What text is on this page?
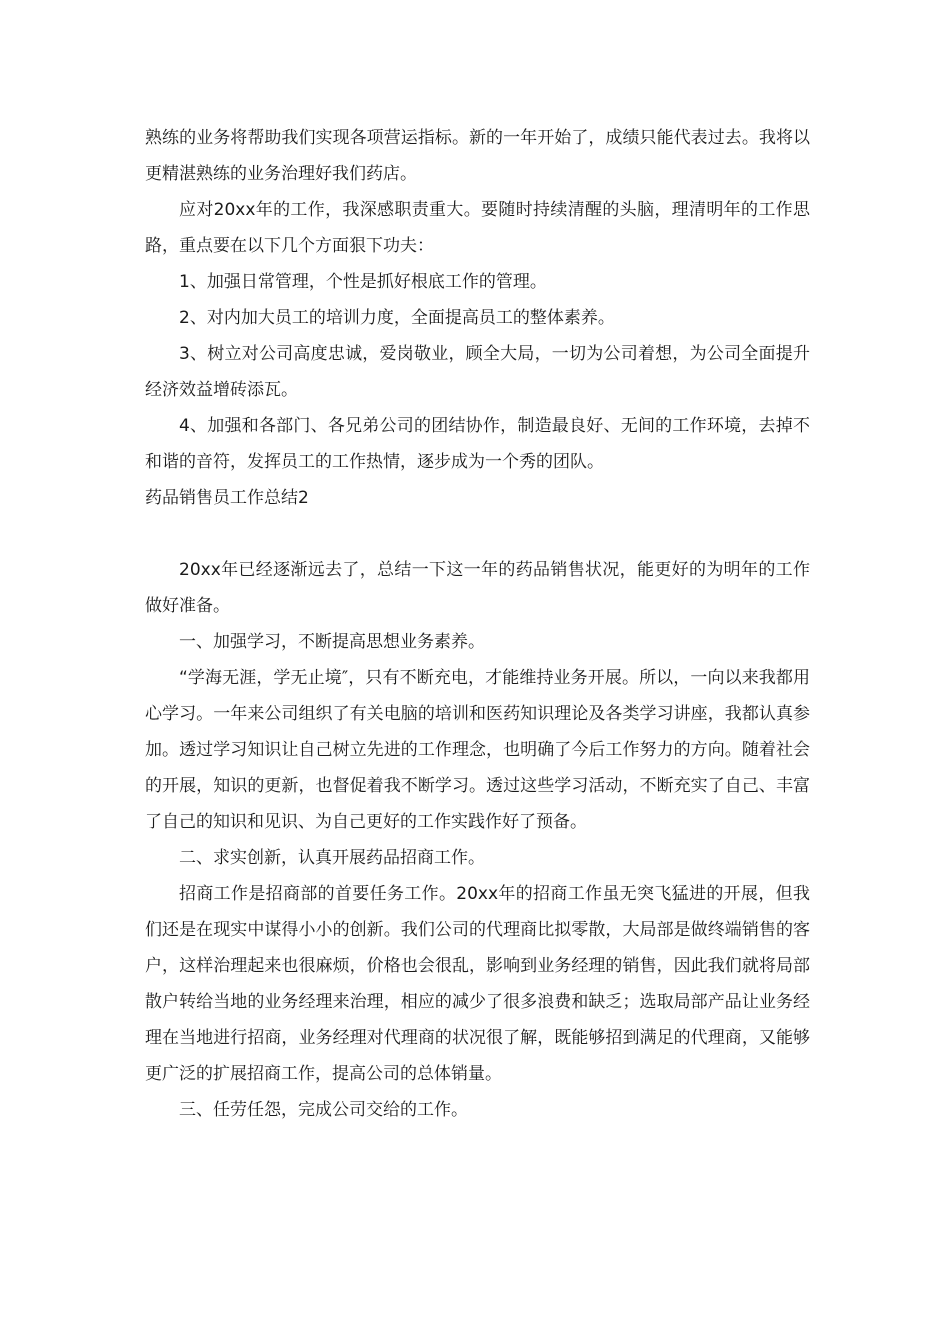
熟练的业务将帮助我们实现各项营运指标。新的一年开始了，成绩只能代表过去。我将以更精湛熟练的业务治理好我们药店。

应对20xx年的工作，我深感职责重大。要随时持续清醒的头脑，理清明年的工作思路，重点要在以下几个方面狠下功夫：

1、加强日常管理，个性是抓好根底工作的管理。

2、对内加大员工的培训力度，全面提高员工的整体素养。

3、树立对公司高度忠诚，爱岗敬业，顾全大局，一切为公司着想，为公司全面提升经济效益增砖添瓦。

4、加强和各部门、各兄弟公司的团结协作，制造最良好、无间的工作环境，去掉不和谐的音符，发挥员工的工作热情，逐步成为一个秀的团队。

药品销售员工作总结2

20xx年已经逐渐远去了，总结一下这一年的药品销售状况，能更好的为明年的工作做好准备。

一、加强学习，不断提高思想业务素养。

“学海无涯，学无止境″，只有不断充电，才能维持业务开展。所以，一向以来我都用心学习。一年来公司组织了有关电脑的培训和医药知识理论及各类学习讲座，我都认真参加。透过学习知识让自己树立先进的工作理念，也明确了今后工作努力的方向。随着社会的开展，知识的更新，也督促着我不断学习。透过这些学习活动，不断充实了自己、丰富了自己的知识和见识、为自己更好的工作实践作好了预备。

二、求实创新，认真开展药品招商工作。

招商工作是招商部的首要任务工作。20xx年的招商工作虽无突飞猛进的开展，但我们还是在现实中谋得小小的创新。我们公司的代理商比拟零散，大局部是做终端销售的客户，这样治理起来也很麻烦，价格也会很乱，影响到业务经理的销售，因此我们就将局部散户转给当地的业务经理来治理，相应的减少了很多浪费和缺乏；选取局部产品让业务经理在当地进行招商，业务经理对代理商的状况很了解，既能够招到满足的代理商，又能够更广泛的扩展招商工作，提高公司的总体销量。

三、任劳任怨，完成公司交给的工作。
